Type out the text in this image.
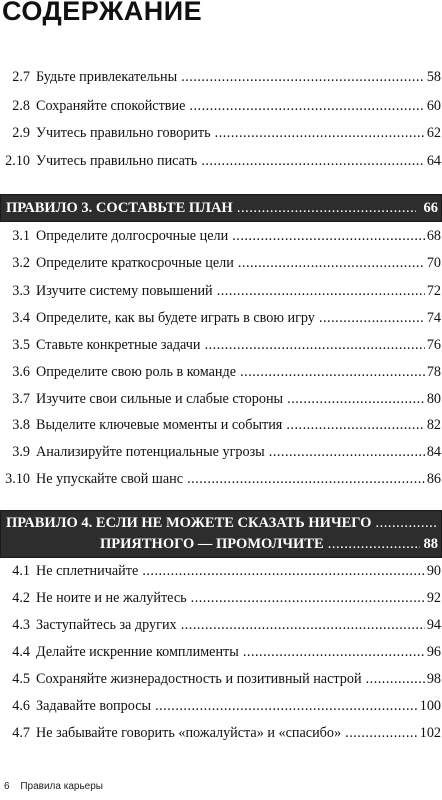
СОДЕРЖАНИЕ
2.7 Будьте привлекательны .....	58
2.8 Сохраняйте спокойствие .....	60
2.9 Учитесь правильно говорить .....	62
2.10 Учитесь правильно писать .....	64
ПРАВИЛО 3. СОСТАВЬТЕ ПЛАН .....	66
3.1 Определите долгосрочные цели .....	68
3.2 Определите краткосрочные цели .....	70
3.3 Изучите систему повышений .....	72
3.4 Определите, как вы будете играть в свою игру .....	74
3.5 Ставьте конкретные задачи .....	76
3.6 Определите свою роль в команде .....	78
3.7 Изучите свои сильные и слабые стороны .....	80
3.8 Выделите ключевые моменты и события .....	82
3.9 Анализируйте потенциальные угрозы .....	84
3.10 Не упускайте свой шанс .....	86
ПРАВИЛО 4. ЕСЛИ НЕ МОЖЕТЕ СКАЗАТЬ НИЧЕГО .....
ПРИЯТНОГО — ПРОМОЛЧИТЕ .....	88
4.1 Не сплетничайте .....	90
4.2 Не ноите и не жалуйтесь .....	92
4.3 Заступайтесь за других .....	94
4.4 Делайте искренние комплименты .....	96
4.5 Сохраняйте жизнерадостность и позитивный настрой .....	98
4.6 Задавайте вопросы .....	100
4.7 Не забывайте говорить «пожалуйста» и «спасибо» .....	102
6 Правила карьеры
